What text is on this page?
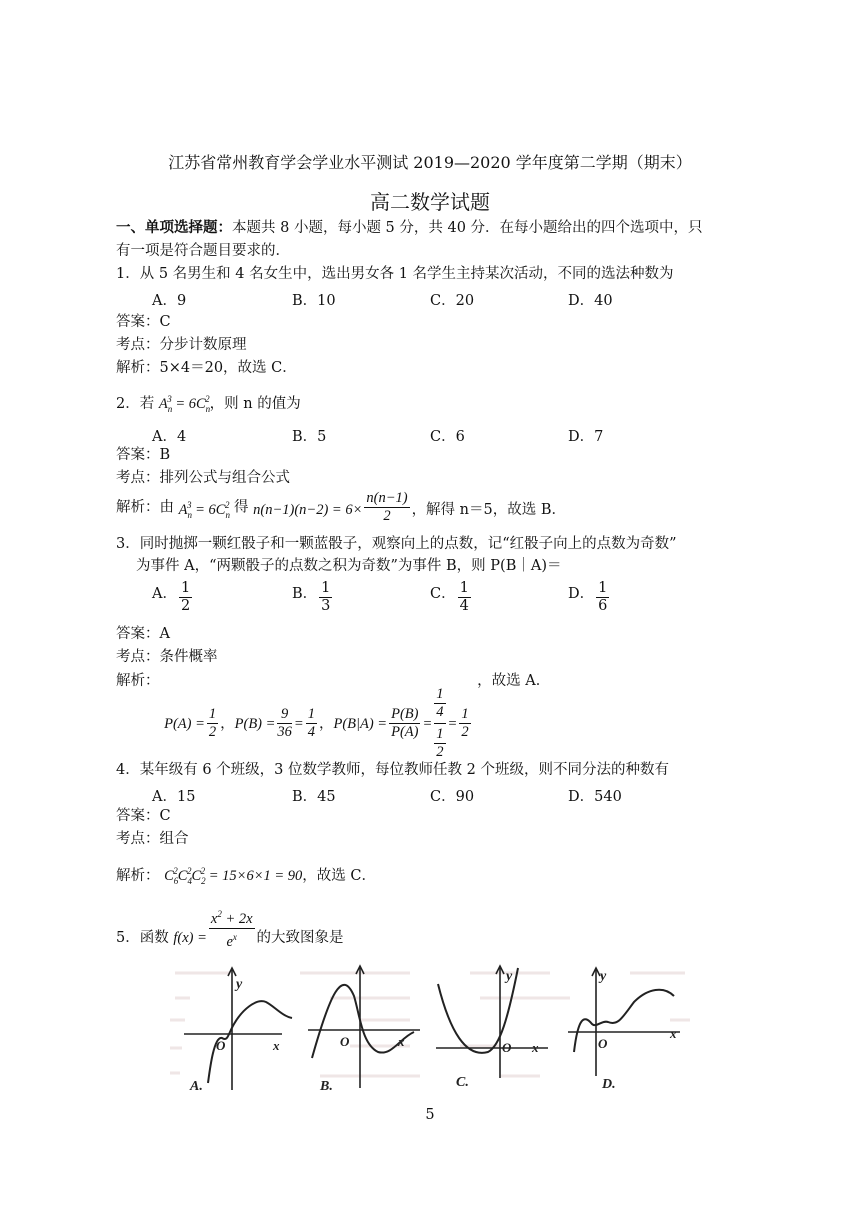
江苏省常州教育学会学业水平测试 2019—2020 学年度第二学期（期末）
高二数学试题
一、单项选择题：本题共 8 小题，每小题 5 分，共 40 分．在每小题给出的四个选项中，只
有一项是符合题目要求的．
1．从 5 名男生和 4 名女生中，选出男女各 1 名学生主持某次活动，不同的选法种数为
A．9	B．10	C．20	D．40
答案：C
考点：分步计数原理
解析：5×4＝20，故选 C．
2．若 $A_n^3 = 6C_n^2$，则 n 的值为
A．4	B．5	C．6	D．7
答案：B
考点：排列公式与组合公式
解析：由 $A_n^3 = 6C_n^2$ 得 $n(n-1)(n-2) = 6\times \frac{n(n-1)}{2}$ ，解得 n＝5，故选 B．
3．同时抛掷一颗红骰子和一颗蓝骰子，观察向上的点数，记“红骰子向上的点数为奇数”
为事件 A，“两颗骰子的点数之积为奇数”为事件 B，则 P(B｜A)＝
A． $\frac{1}{2}$	B． $\frac{1}{3}$	C． $\frac{1}{4}$	D． $\frac{1}{6}$
答案：A
考点：条件概率
解析：
$P(A) = \frac{1}{2}$ ， $P(B) = \frac{9}{36} = \frac{1}{4}$ ， $P(B|A) = \frac{P(B)}{P(A)} = \frac{\frac{1}{4}}{\frac{1}{2}} = \frac{1}{2}$
，故选 A．
4．某年级有 6 个班级，3 位数学教师，每位教师任教 2 个班级，则不同分法的种数有
A．15	B．45	C．90	D．540
答案：C
考点：组合
解析： $C_6^2C_4^2C_2^2 = 15\times 6\times 1 = 90$，故选 C．
5．函数 $f(x) = \frac{x^2 + 2x}{e^x}$ 的大致图象是
y
O	x
A.
O	x
B.
y
O x
C.
y
O
x
D.
5
